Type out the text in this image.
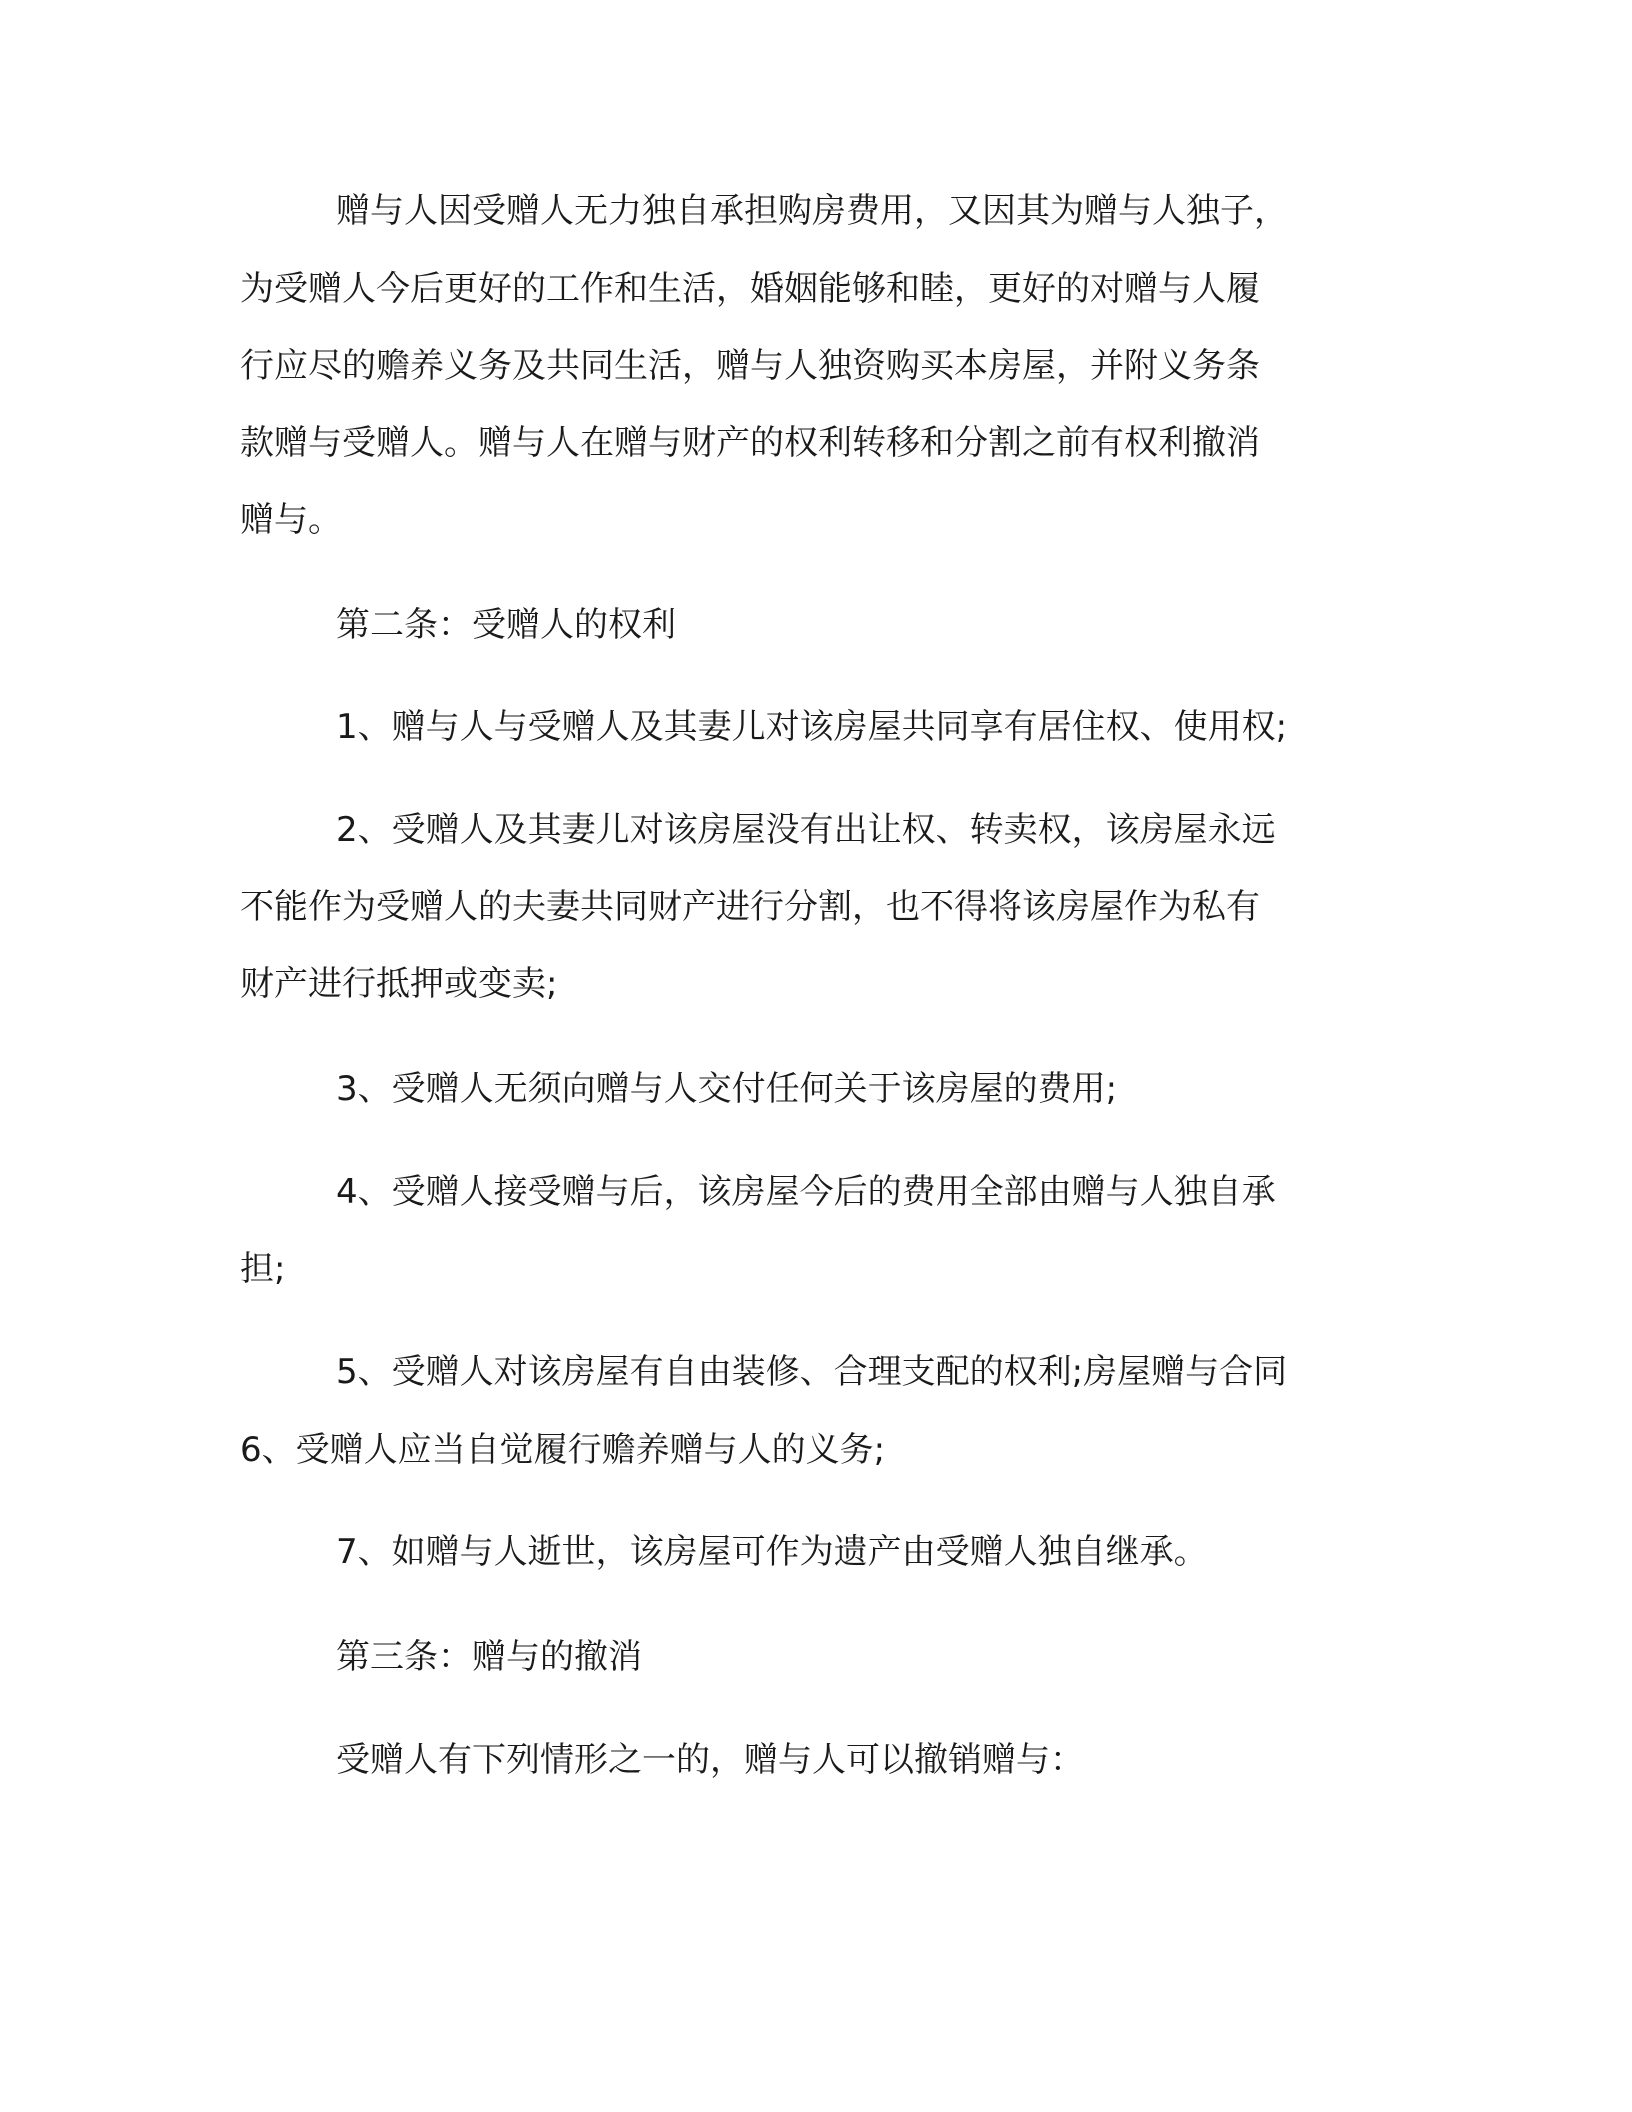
赠与人因受赠人无力独自承担购房费用，又因其为赠与人独子，
为受赠人今后更好的工作和生活，婚姻能够和睦，更好的对赠与人履
行应尽的赡养义务及共同生活，赠与人独资购买本房屋，并附义务条
款赠与受赠人。赠与人在赠与财产的权利转移和分割之前有权利撤消
赠与。
第二条：受赠人的权利
1、赠与人与受赠人及其妻儿对该房屋共同享有居住权、使用权;
2、受赠人及其妻儿对该房屋没有出让权、转卖权，该房屋永远
不能作为受赠人的夫妻共同财产进行分割，也不得将该房屋作为私有
财产进行抵押或变卖;
3、受赠人无须向赠与人交付任何关于该房屋的费用;
4、受赠人接受赠与后，该房屋今后的费用全部由赠与人独自承
担;
5、受赠人对该房屋有自由装修、合理支配的权利;房屋赠与合同
6、受赠人应当自觉履行赡养赠与人的义务;
7、如赠与人逝世，该房屋可作为遗产由受赠人独自继承。
第三条：赠与的撤消
受赠人有下列情形之一的，赠与人可以撤销赠与：
